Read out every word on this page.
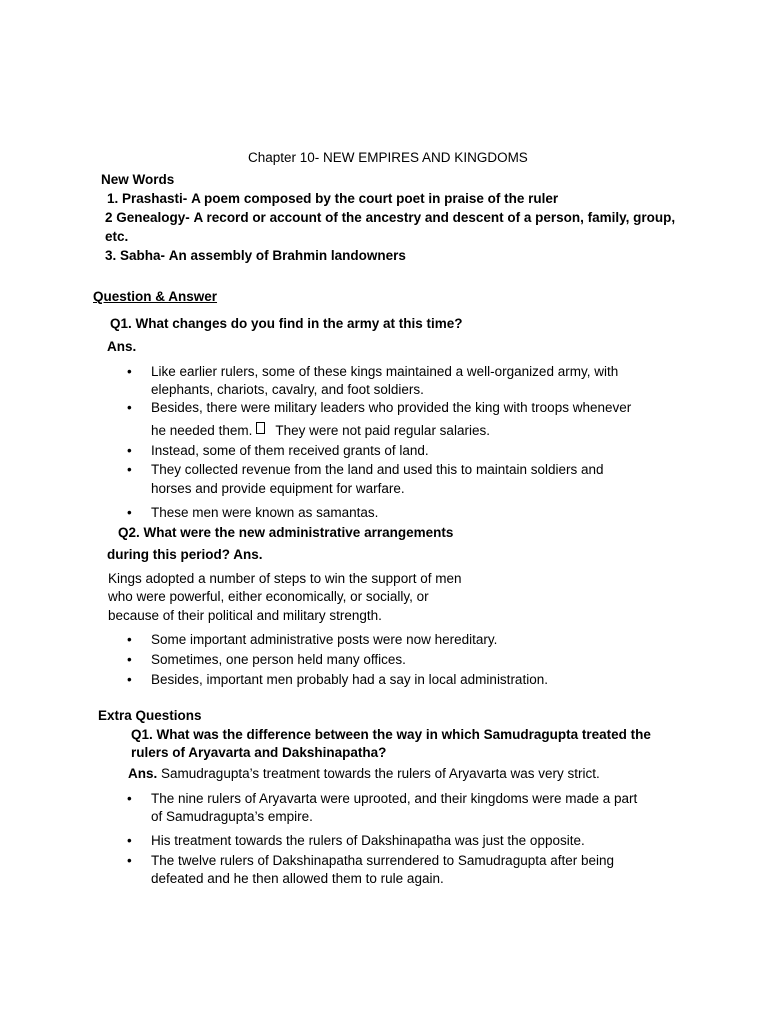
Chapter 10- NEW EMPIRES AND KINGDOMS
New Words
1. Prashasti- A poem composed by the court poet in praise of the ruler
2 Genealogy- A record or account of the ancestry and descent of a person, family, group,
etc.
3. Sabha- An assembly of Brahmin landowners
Question & Answer
Q1. What changes do you find in the army at this time?
Ans.
• Like earlier rulers, some of these kings maintained a well-organized army, with
elephants, chariots, cavalry, and foot soldiers.
• Besides, there were military leaders who provided the king with troops whenever
he needed them. They were not paid regular salaries.
• Instead, some of them received grants of land.
• They collected revenue from the land and used this to maintain soldiers and
horses and provide equipment for warfare.
• These men were known as samantas.
Q2. What were the new administrative arrangements
during this period? Ans.
Kings adopted a number of steps to win the support of men
who were powerful, either economically, or socially, or
because of their political and military strength.
• Some important administrative posts were now hereditary.
• Sometimes, one person held many offices.
• Besides, important men probably had a say in local administration.
Extra Questions
Q1. What was the difference between the way in which Samudragupta treated the
rulers of Aryavarta and Dakshinapatha?
Ans. Samudragupta’s treatment towards the rulers of Aryavarta was very strict.
• The nine rulers of Aryavarta were uprooted, and their kingdoms were made a part
of Samudragupta’s empire.
• His treatment towards the rulers of Dakshinapatha was just the opposite.
• The twelve rulers of Dakshinapatha surrendered to Samudragupta after being
defeated and he then allowed them to rule again.
